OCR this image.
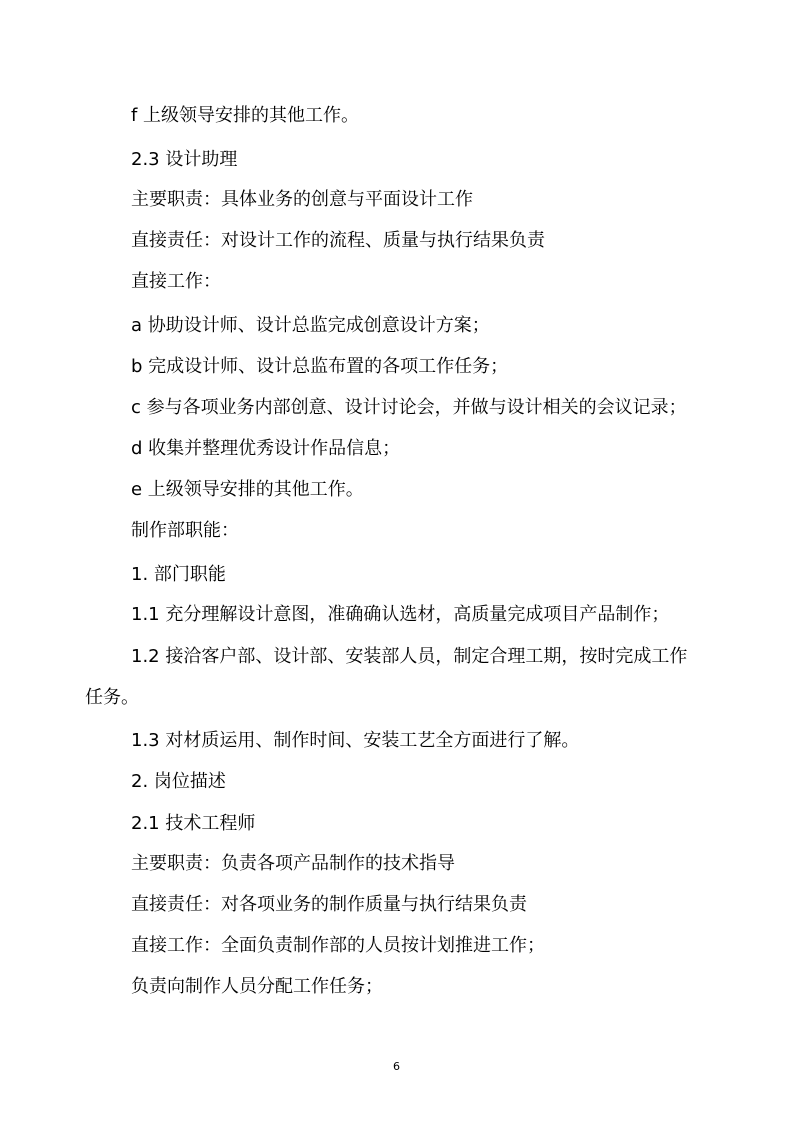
f 上级领导安排的其他工作。
2.3 设计助理
主要职责：具体业务的创意与平面设计工作
直接责任：对设计工作的流程、质量与执行结果负责
直接工作：
a 协助设计师、设计总监完成创意设计方案；
b 完成设计师、设计总监布置的各项工作任务；
c 参与各项业务内部创意、设计讨论会，并做与设计相关的会议记录；
d 收集并整理优秀设计作品信息；
e 上级领导安排的其他工作。
制作部职能：
1. 部门职能
1.1 充分理解设计意图，准确确认选材，高质量完成项目产品制作；
1.2 接洽客户部、设计部、安装部人员，制定合理工期，按时完成工作
任务。
1.3 对材质运用、制作时间、安装工艺全方面进行了解。
2. 岗位描述
2.1 技术工程师
主要职责：负责各项产品制作的技术指导
直接责任：对各项业务的制作质量与执行结果负责
直接工作：全面负责制作部的人员按计划推进工作；
负责向制作人员分配工作任务；
6
